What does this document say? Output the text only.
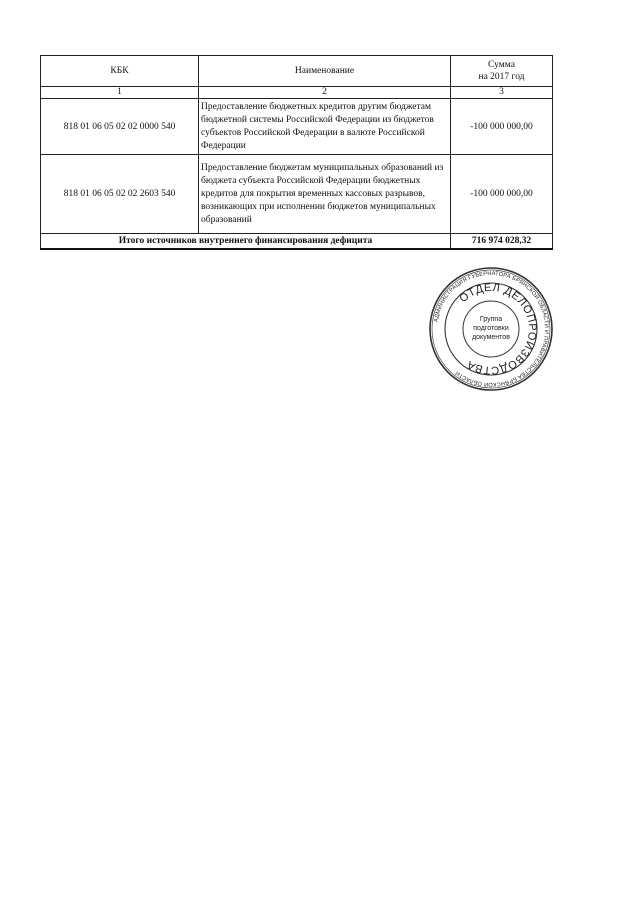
КБК	Наименование	Сумма
на 2017 год
1	2	3
818 01 06 05 02 02 0000 540	Предоставление бюджетных кредитов другим бюджетам бюджетной системы Российской Федерации из бюджетов субъектов Российской Федерации в валюте Российской Федерации	-100 000 000,00
818 01 06 05 02 02 2603 540	Предоставление бюджетам муниципальных образований из бюджета субъекта Российской Федерации бюджетных кредитов для покрытия временных кассовых разрывов, возникающих при исполнении бюджетов муниципальных образований	-100 000 000,00
Итого источников внутреннего финансирования дефицита		716 974 028,32
АДМИНИСТРАЦИЯ ГУБЕРНАТОРА БРЯНСКОЙ ОБЛАСТИ И ПРАВИТЕЛЬСТВА БРЯНСКОЙ ОБЛАСТИ
ОТДЕЛ ДЕЛОПРОИЗВОДСТВА
Группа
подготовки
документов
